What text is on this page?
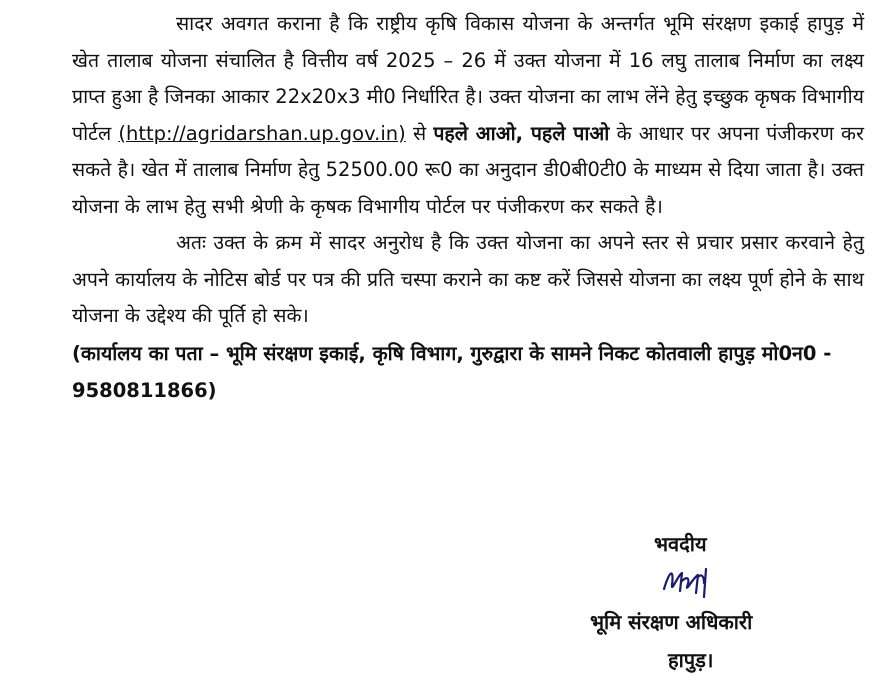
सादर अवगत कराना है कि राष्ट्रीय कृषि विकास योजना के अन्तर्गत भूमि संरक्षण इकाई हापुड़ में खेत तालाब योजना संचालित है वित्तीय वर्ष 2025 – 26 में उक्त योजना में 16 लघु तालाब निर्माण का लक्ष्य प्राप्त हुआ है जिनका आकार 22x20x3 मी0 निर्धारित है। उक्त योजना का लाभ लेंने हेतु इच्छुक कृषक विभागीय पोर्टल (http://agridarshan.up.gov.in) से पहले आओ, पहले पाओ के आधार पर अपना पंजीकरण कर सकते है। खेत में तालाब निर्माण हेतु 52500.00 रू0 का अनुदान डी0बी0टी0 के माध्यम से दिया जाता है। उक्त योजना के लाभ हेतु सभी श्रेणी के कृषक विभागीय पोर्टल पर पंजीकरण कर सकते है।

अतः उक्त के क्रम में सादर अनुरोध है कि उक्त योजना का अपने स्तर से प्रचार प्रसार करवाने हेतु अपने कार्यालय के नोटिस बोर्ड पर पत्र की प्रति चस्पा कराने का कष्ट करें जिससे योजना का लक्ष्य पूर्ण होने के साथ योजना के उद्देश्य की पूर्ति हो सके।

(कार्यालय का पता – भूमि संरक्षण इकाई, कृषि विभाग, गुरुद्वारा के सामने निकट कोतवाली हापुड़ मो0न0 - 9580811866)

भवदीय
भूमि संरक्षण अधिकारी
हापुड़।
